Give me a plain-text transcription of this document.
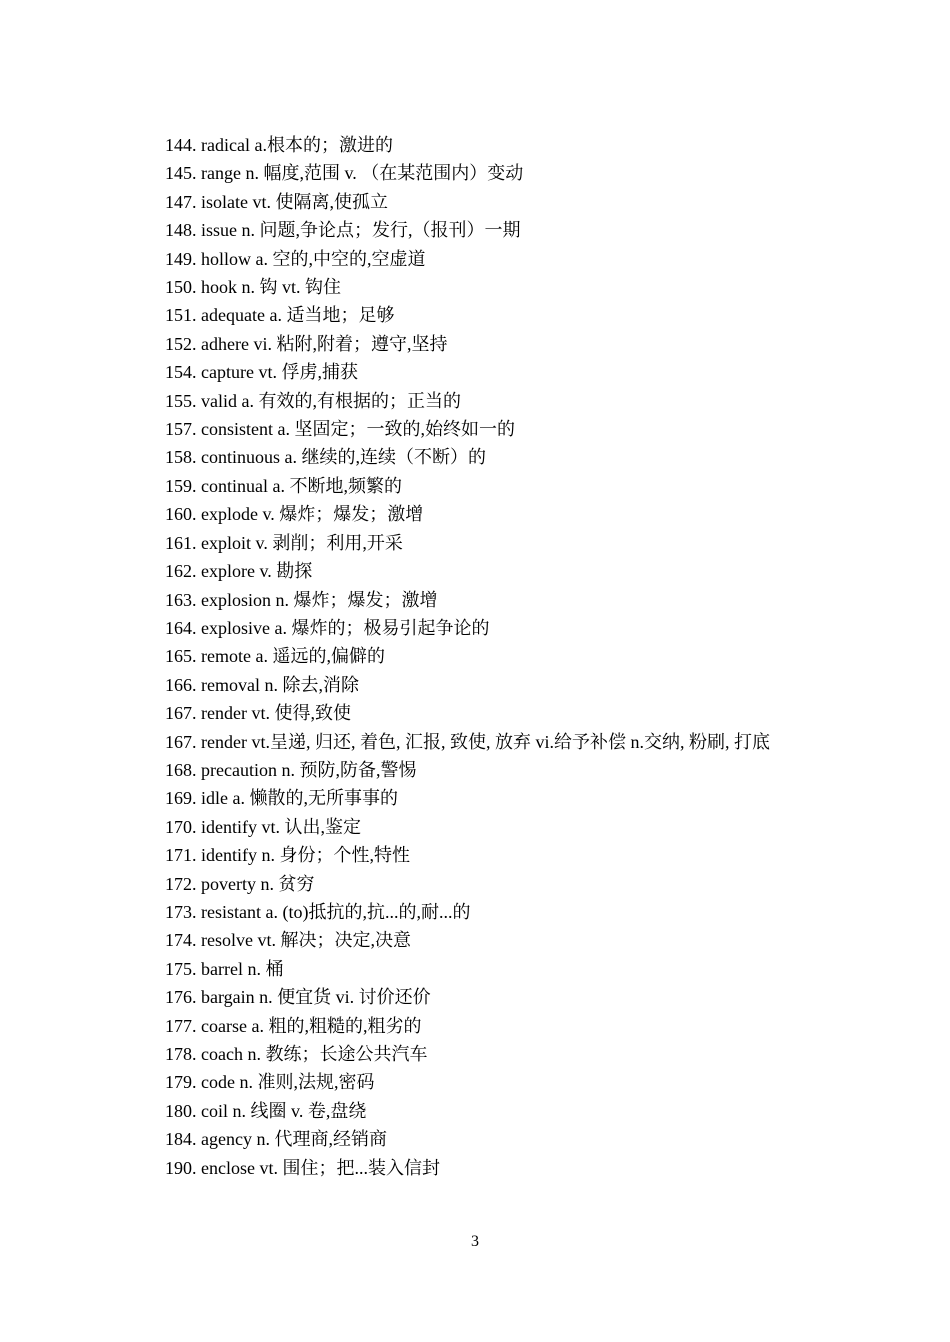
144. radical a.根本的；激进的
145. range n. 幅度,范围 v. （在某范围内）变动
147. isolate vt. 使隔离,使孤立
148. issue n. 问题,争论点；发行,（报刊）一期
149. hollow a. 空的,中空的,空虚道
150. hook n. 钩 vt. 钩住
151. adequate a. 适当地；足够
152. adhere vi. 粘附,附着；遵守,坚持
154. capture vt. 俘虏,捕获
155. valid a. 有效的,有根据的；正当的
157. consistent a. 坚固定；一致的,始终如一的
158. continuous a. 继续的,连续（不断）的
159. continual a. 不断地,频繁的
160. explode v. 爆炸；爆发；激增
161. exploit v. 剥削；利用,开采
162. explore v. 勘探
163. explosion n. 爆炸；爆发；激增
164. explosive a. 爆炸的；极易引起争论的
165. remote a. 遥远的,偏僻的
166. removal n. 除去,消除
167. render vt. 使得,致使
167. render vt.呈递, 归还, 着色, 汇报, 致使, 放弃 vi.给予补偿 n.交纳, 粉刷, 打底
168. precaution n. 预防,防备,警惕
169. idle a. 懒散的,无所事事的
170. identify vt. 认出,鉴定
171. identify n. 身份；个性,特性
172. poverty n. 贫穷
173. resistant a. (to)抵抗的,抗...的,耐...的
174. resolve vt. 解决；决定,决意
175. barrel n. 桶
176. bargain n. 便宜货 vi. 讨价还价
177. coarse a. 粗的,粗糙的,粗劣的
178. coach n. 教练；长途公共汽车
179. code n. 准则,法规,密码
180. coil n. 线圈 v. 卷,盘绕
184. agency n. 代理商,经销商
190. enclose vt. 围住；把...装入信封
3
